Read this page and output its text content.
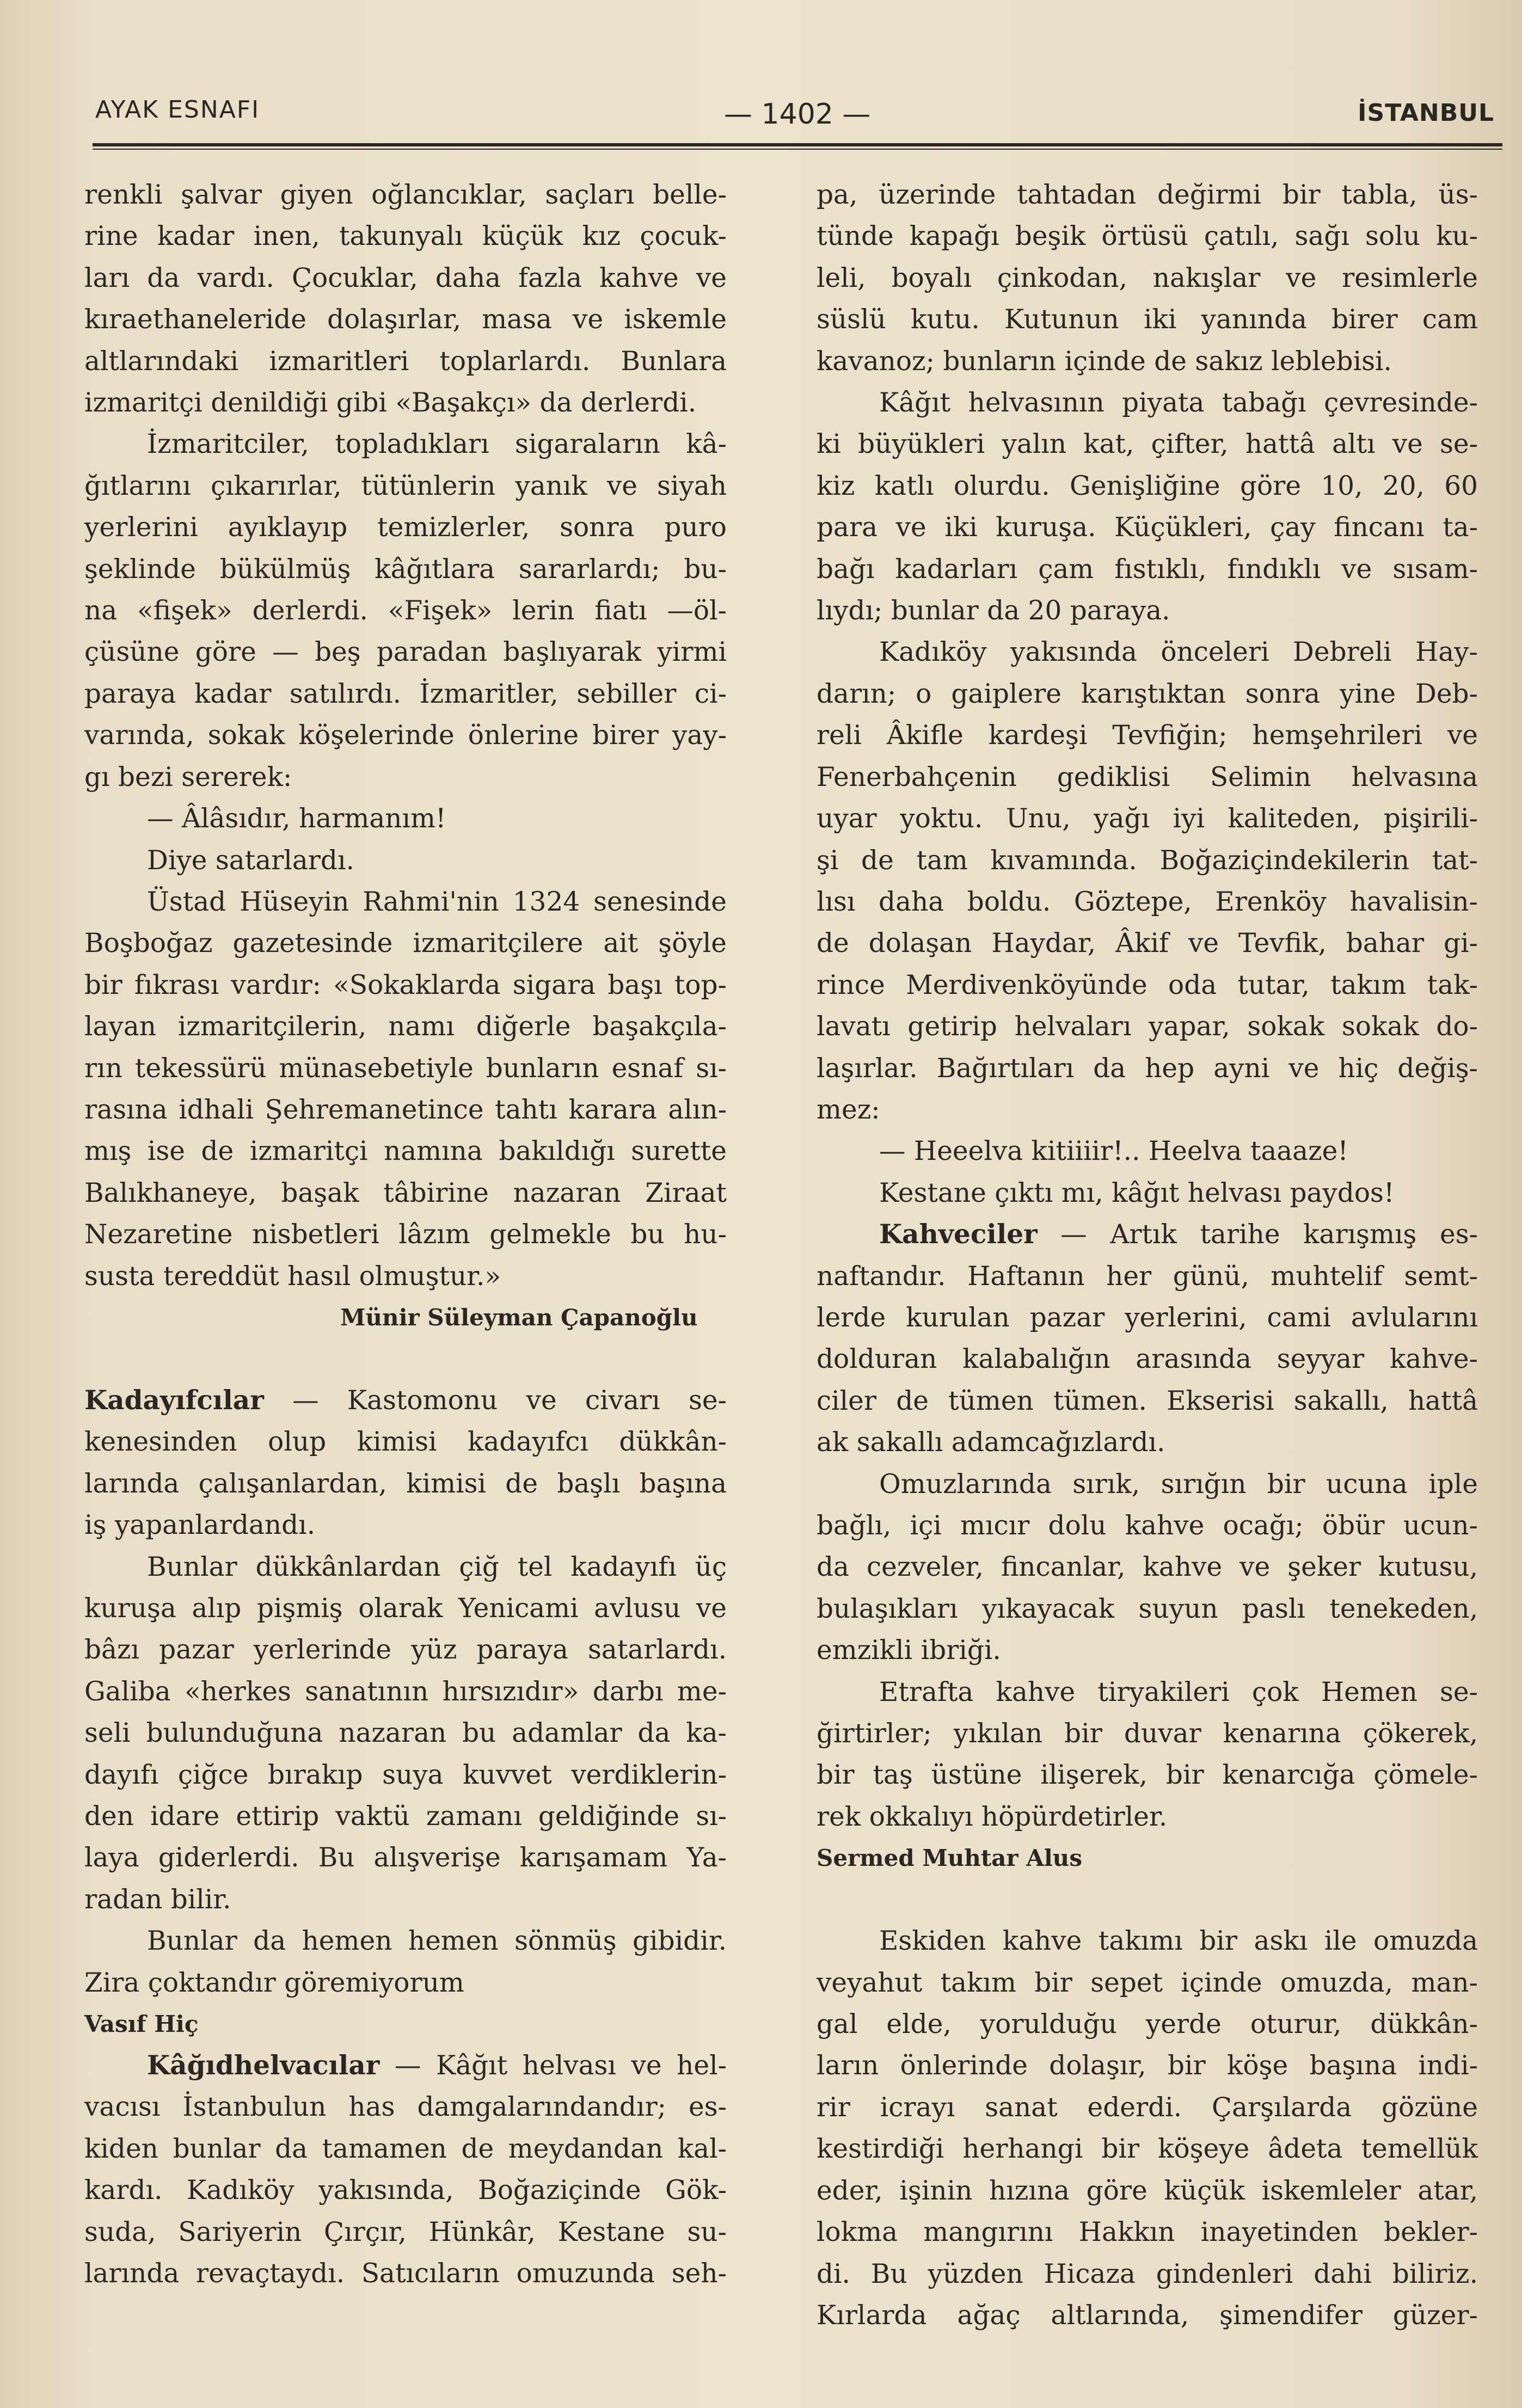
AYAK ESNAFI	— 1402 —	İSTANBUL
renkli şalvar giyen oğlancıklar, saçları belle-
rine kadar inen, takunyalı küçük kız çocuk-
ları da vardı. Çocuklar, daha fazla kahve ve
kıraethaneleride dolaşırlar, masa ve iskemle
altlarındaki izmaritleri toplarlardı. Bunlara
izmaritçi denildiği gibi «Başakçı» da derlerdi.
İzmaritciler, topladıkları sigaraların kâ-
ğıtlarını çıkarırlar, tütünlerin yanık ve siyah
yerlerini ayıklayıp temizlerler, sonra puro
şeklinde bükülmüş kâğıtlara sararlardı; bu-
na «fişek» derlerdi. «Fişek» lerin fiatı —öl-
çüsüne göre — beş paradan başlıyarak yirmi
paraya kadar satılırdı. İzmaritler, sebiller ci-
varında, sokak köşelerinde önlerine birer yay-
gı bezi sererek:
— Âlâsıdır, harmanım!
Diye satarlardı.
Üstad Hüseyin Rahmi'nin 1324 senesinde
Boşboğaz gazetesinde izmaritçilere ait şöyle
bir fıkrası vardır: «Sokaklarda sigara başı top-
layan izmaritçilerin, namı diğerle başakçıla-
rın tekessürü münasebetiyle bunların esnaf sı-
rasına idhali Şehremanetince tahtı karara alın-
mış ise de izmaritçi namına bakıldığı surette
Balıkhaneye, başak tâbirine nazaran Ziraat
Nezaretine nisbetleri lâzım gelmekle bu hu-
susta tereddüt hasıl olmuştur.»

Münir Süleyman Çapanoğlu

Kadayıfcılar — Kastomonu ve civarı se-
kenesinden olup kimisi kadayıfcı dükkân-
larında çalışanlardan, kimisi de başlı başına
iş yapanlardandı.
Bunlar dükkânlardan çiğ tel kadayıfı üç
kuruşa alıp pişmiş olarak Yenicami avlusu ve
bâzı pazar yerlerinde yüz paraya satarlardı.
Galiba «herkes sanatının hırsızıdır» darbı me-
seli bulunduğuna nazaran bu adamlar da ka-
dayıfı çiğce bırakıp suya kuvvet verdiklerin-
den idare ettirip vaktü zamanı geldiğinde sı-
laya giderlerdi. Bu alışverişe karışamam Ya-
radan bilir.
Bunlar da hemen hemen sönmüş gibidir.
Zira çoktandır göremiyorum

Vasıf Hiç

Kâğıdhelvacılar — Kâğıt helvası ve hel-
vacısı İstanbulun has damgalarındandır; es-
kiden bunlar da tamamen de meydandan kal-
kardı. Kadıköy yakısında, Boğaziçinde Gök-
suda, Sariyerin Çırçır, Hünkâr, Kestane su-
larında revaçtaydı. Satıcıların omuzunda seh-
pa, üzerinde tahtadan değirmi bir tabla, üs-
tünde kapağı beşik örtüsü çatılı, sağı solu ku-
leli, boyalı çinkodan, nakışlar ve resimlerle
süslü kutu. Kutunun iki yanında birer cam
kavanoz; bunların içinde de sakız leblebisi.
Kâğıt helvasının piyata tabağı çevresinde-
ki büyükleri yalın kat, çifter, hattâ altı ve se-
kiz katlı olurdu. Genişliğine göre 10, 20, 60
para ve iki kuruşa. Küçükleri, çay fincanı ta-
bağı kadarları çam fıstıklı, fındıklı ve sısam-
lıydı; bunlar da 20 paraya.
Kadıköy yakısında önceleri Debreli Hay-
darın; o gaiplere karıştıktan sonra yine Deb-
reli Âkifle kardeşi Tevfiğin; hemşehrileri ve
Fenerbahçenin gediklisi Selimin helvasına
uyar yoktu. Unu, yağı iyi kaliteden, pişirili-
şi de tam kıvamında. Boğaziçindekilerin tat-
lısı daha boldu. Göztepe, Erenköy havalisin-
de dolaşan Haydar, Âkif ve Tevfik, bahar gi-
rince Merdivenköyünde oda tutar, takım tak-
lavatı getirip helvaları yapar, sokak sokak do-
laşırlar. Bağırtıları da hep ayni ve hiç değiş-
mez:
— Heeelva kitiiiir!.. Heelva taaaze!
Kestane çıktı mı, kâğıt helvası paydos!
Kahveciler — Artık tarihe karışmış es-
naftandır. Haftanın her günü, muhtelif semt-
lerde kurulan pazar yerlerini, cami avlularını
dolduran kalabalığın arasında seyyar kahve-
ciler de tümen tümen. Ekserisi sakallı, hattâ
ak sakallı adamcağızlardı.
Omuzlarında sırık, sırığın bir ucuna iple
bağlı, içi mıcır dolu kahve ocağı; öbür ucun-
da cezveler, fincanlar, kahve ve şeker kutusu,
bulaşıkları yıkayacak suyun paslı tenekeden,
emzikli ibriği.
Etrafta kahve tiryakileri çok Hemen se-
ğirtirler; yıkılan bir duvar kenarına çökerek,
bir taş üstüne ilişerek, bir kenarcığa çömele-
rek okkalıyı höpürdetirler.

Sermed Muhtar Alus

Eskiden kahve takımı bir askı ile omuzda
veyahut takım bir sepet içinde omuzda, man-
gal elde, yorulduğu yerde oturur, dükkân-
ların önlerinde dolaşır, bir köşe başına indi-
rir icrayı sanat ederdi. Çarşılarda gözüne
kestirdiği herhangi bir köşeye âdeta temellük
eder, işinin hızına göre küçük iskemleler atar,
lokma mangırını Hakkın inayetinden bekler-
di. Bu yüzden Hicaza gindenleri dahi biliriz.
Kırlarda ağaç altlarında, şimendifer güzer-
